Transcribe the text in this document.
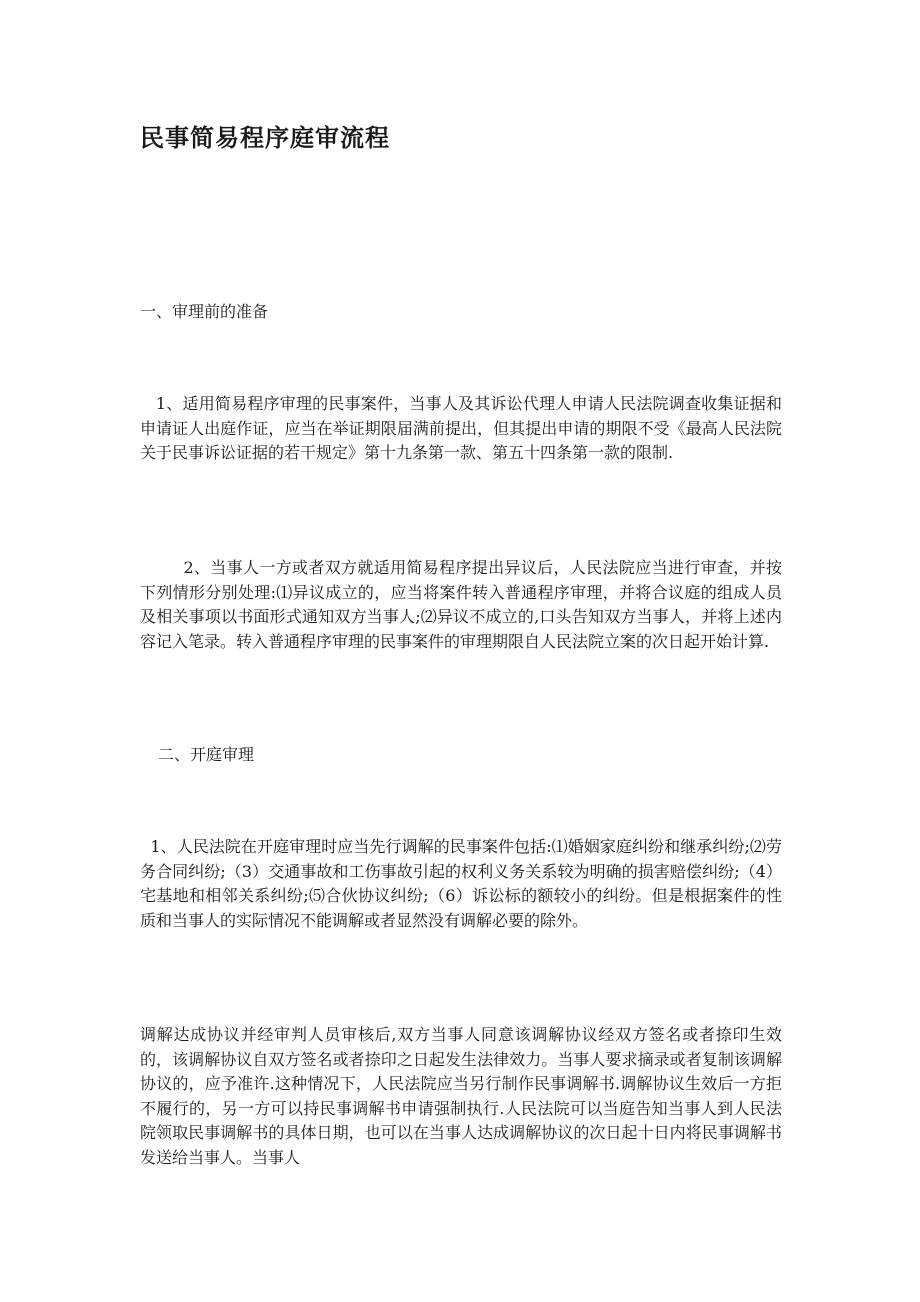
民事简易程序庭审流程

一、审理前的准备

1、适用简易程序审理的民事案件，当事人及其诉讼代理人申请人民法院调查收集证据和申请证人出庭作证，应当在举证期限届满前提出，但其提出申请的期限不受《最高人民法院关于民事诉讼证据的若干规定》第十九条第一款、第五十四条第一款的限制.

2、当事人一方或者双方就适用简易程序提出异议后，人民法院应当进行审查，并按下列情形分别处理:⑴异议成立的，应当将案件转入普通程序审理，并将合议庭的组成人员及相关事项以书面形式通知双方当事人;⑵异议不成立的,口头告知双方当事人，并将上述内容记入笔录。转入普通程序审理的民事案件的审理期限自人民法院立案的次日起开始计算.

二、开庭审理

1、人民法院在开庭审理时应当先行调解的民事案件包括:⑴婚姻家庭纠纷和继承纠纷;⑵劳务合同纠纷;（3）交通事故和工伤事故引起的权利义务关系较为明确的损害赔偿纠纷;（4）宅基地和相邻关系纠纷;⑸合伙协议纠纷;（6）诉讼标的额较小的纠纷。但是根据案件的性质和当事人的实际情况不能调解或者显然没有调解必要的除外。

调解达成协议并经审判人员审核后,双方当事人同意该调解协议经双方签名或者捺印生效的，该调解协议自双方签名或者捺印之日起发生法律效力。当事人要求摘录或者复制该调解协议的，应予准许.这种情况下，人民法院应当另行制作民事调解书.调解协议生效后一方拒不履行的，另一方可以持民事调解书申请强制执行.人民法院可以当庭告知当事人到人民法院领取民事调解书的具体日期，也可以在当事人达成调解协议的次日起十日内将民事调解书发送给当事人。当事人
